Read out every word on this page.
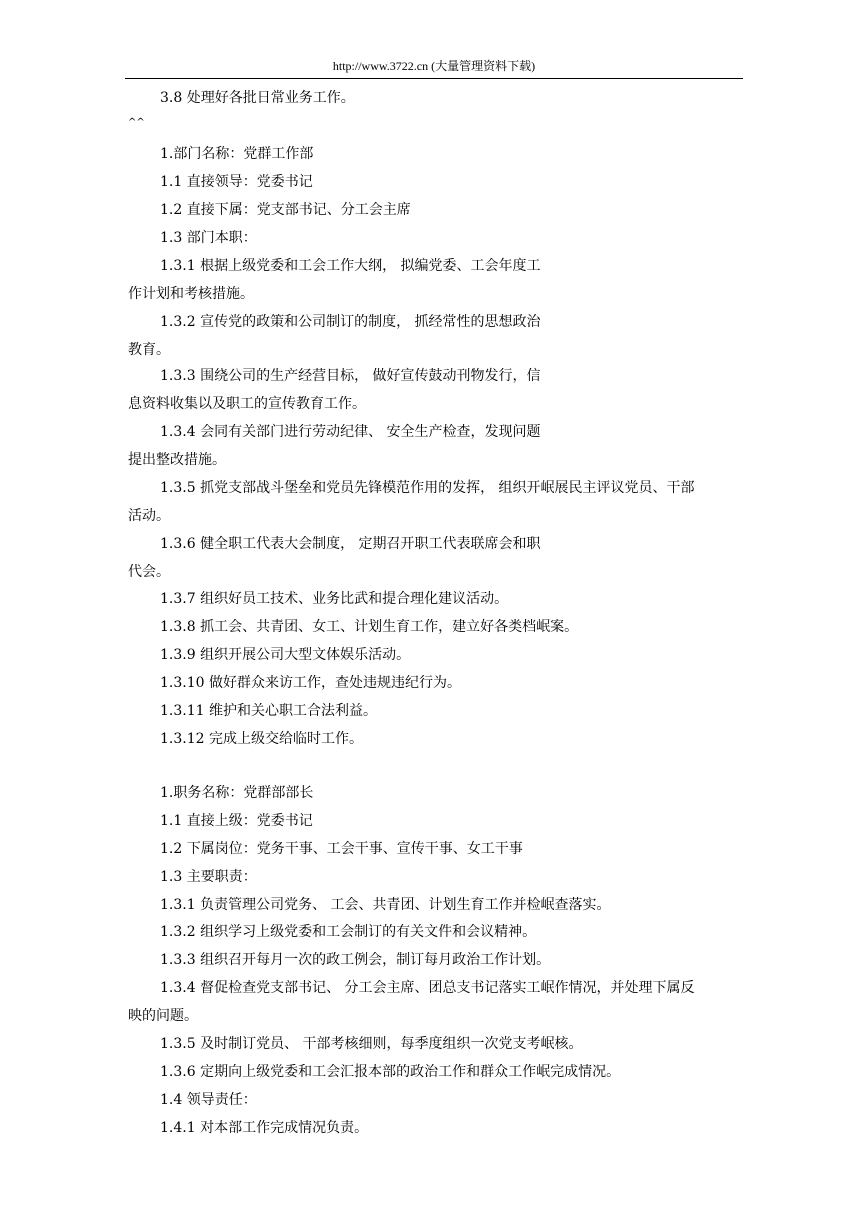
http://www.3722.cn (大量管理资料下载)
3.8 处理好各批日常业务工作。
^^
1.部门名称：党群工作部
1.1 直接领导：党委书记
1.2 直接下属：党支部书记、分工会主席
1.3 部门本职：
1.3.1 根据上级党委和工会工作大纲， 拟编党委、工会年度工
作计划和考核措施。
1.3.2 宣传党的政策和公司制订的制度， 抓经常性的思想政治
教育。
1.3.3 围绕公司的生产经营目标， 做好宣传鼓动刊物发行，信
息资料收集以及职工的宣传教育工作。
1.3.4 会同有关部门进行劳动纪律、 安全生产检查，发现问题
提出整改措施。
1.3.5 抓党支部战斗堡垒和党员先锋模范作用的发挥， 组织开岷展民主评议党员、干部
活动。
1.3.6 健全职工代表大会制度， 定期召开职工代表联席会和职
代会。
1.3.7 组织好员工技术、业务比武和提合理化建议活动。
1.3.8 抓工会、共青团、女工、计划生育工作，建立好各类档岷案。
1.3.9 组织开展公司大型文体娱乐活动。
1.3.10 做好群众来访工作，查处违规违纪行为。
1.3.11 维护和关心职工合法利益。
1.3.12 完成上级交给临时工作。
1.职务名称：党群部部长
1.1 直接上级：党委书记
1.2 下属岗位：党务干事、工会干事、宣传干事、女工干事
1.3 主要职责：
1.3.1 负责管理公司党务、 工会、共青团、计划生育工作并检岷查落实。
1.3.2 组织学习上级党委和工会制订的有关文件和会议精神。
1.3.3 组织召开每月一次的政工例会，制订每月政治工作计划。
1.3.4 督促检查党支部书记、 分工会主席、团总支书记落实工岷作情况，并处理下属反
映的问题。
1.3.5 及时制订党员、 干部考核细则，每季度组织一次党支考岷核。
1.3.6 定期向上级党委和工会汇报本部的政治工作和群众工作岷完成情况。
1.4 领导责任：
1.4.1 对本部工作完成情况负责。
